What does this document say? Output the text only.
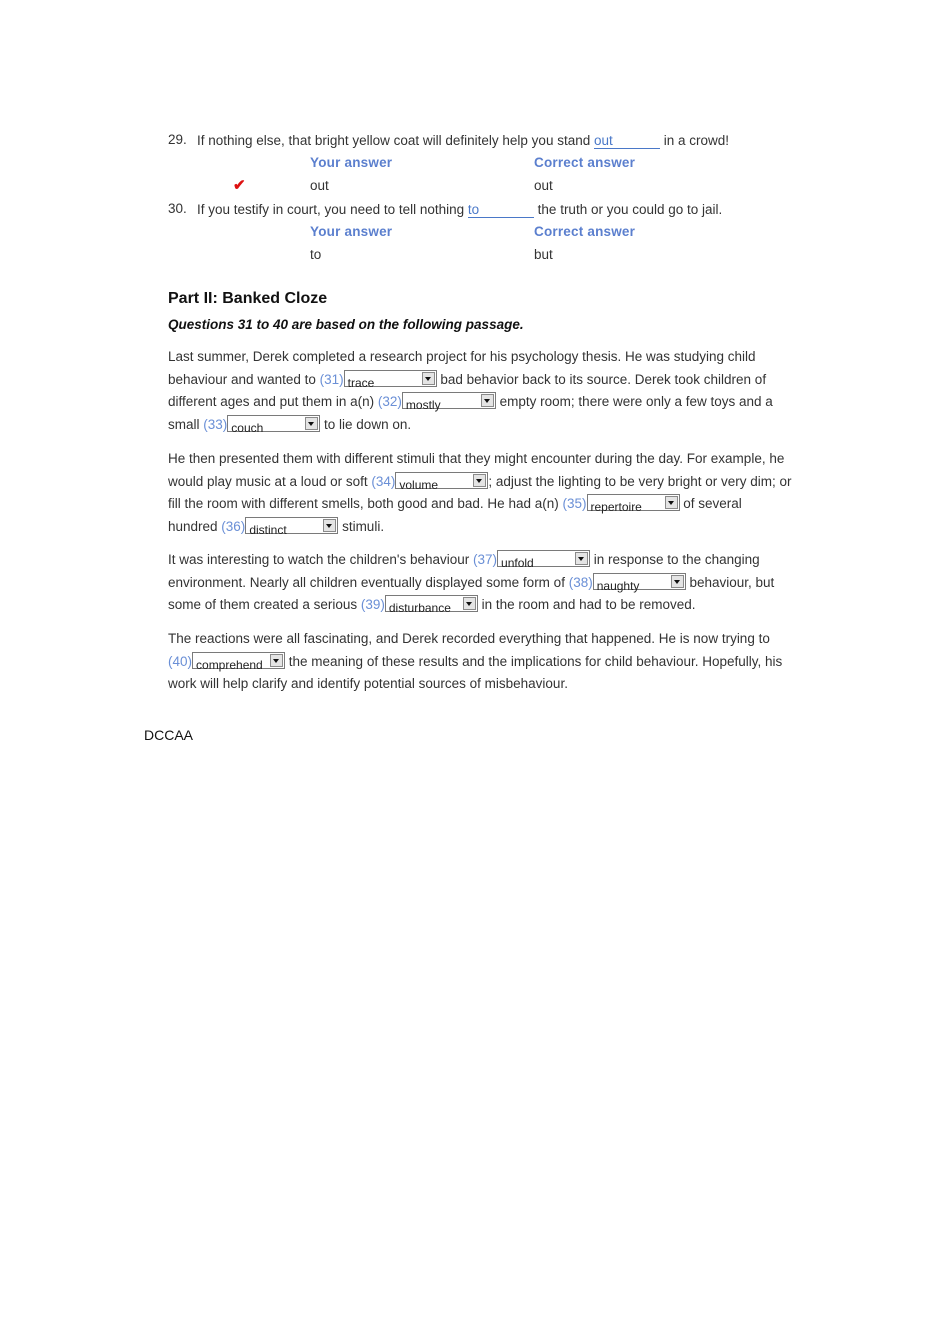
29. If nothing else, that bright yellow coat will definitely help you stand out	in a crowd!
Your answer	Correct answer
✔	out	out
30. If you testify in court, you need to tell nothing to	the truth or you could go to jail.
Your answer	Correct answer
to	but
Part II: Banked Cloze
Questions 31 to 40 are based on the following passage.
Last summer, Derek completed a research project for his psychology thesis. He was studying child behaviour and wanted to (31) trace	bad behavior back to its source. Derek took children of different ages and put them in a(n) (32) mostly	empty room; there were only a few toys and a small (33) couch	to lie down on.
He then presented them with different stimuli that they might encounter during the day. For example, he would play music at a loud or soft (34) volume	; adjust the lighting to be very bright or very dim; or fill the room with different smells, both good and bad. He had a(n) (35) repertoire	of several hundred (36) distinct	stimuli.
It was interesting to watch the children's behaviour (37) unfold	in response to the changing environment. Nearly all children eventually displayed some form of (38) naughty	behaviour, but some of them created a serious (39) disturbance in the room and had to be removed.
The reactions were all fascinating, and Derek recorded everything that happened. He is now trying to (40) comprehend the meaning of these results and the implications for child behaviour. Hopefully, his work will help clarify and identify potential sources of misbehaviour.
DCCAA
